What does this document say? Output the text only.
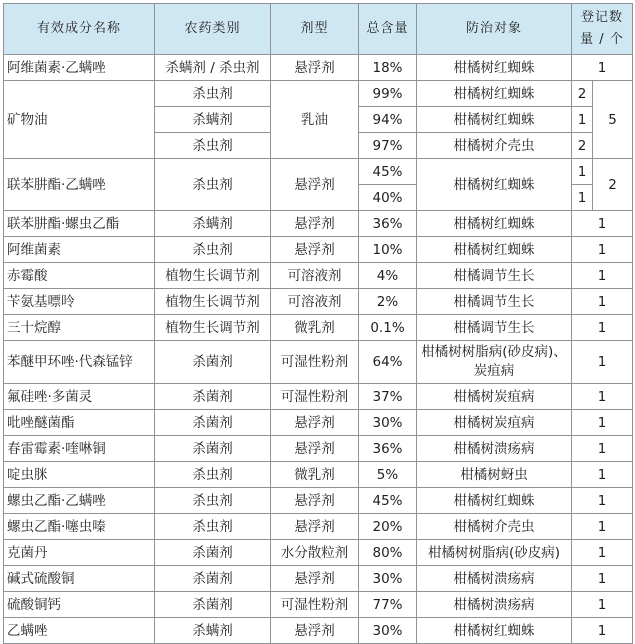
有效成分名称	农药类别	剂型	总含量	防治对象	登记数
量 / 个	
阿维菌素·乙螨唑	杀螨剂 / 杀虫剂	悬浮剂	18%	柑橘树红蜘蛛	1	
矿物油	杀虫剂	乳油	99%	柑橘树红蜘蛛	2	5
	杀螨剂		94%	柑橘树红蜘蛛	1	
	杀虫剂		97%	柑橘树介壳虫	2	
联苯肼酯·乙螨唑	杀虫剂	悬浮剂	45%	柑橘树红蜘蛛	1	2
			40%		1	
联苯肼酯·螺虫乙酯	杀螨剂	悬浮剂	36%	柑橘树红蜘蛛	1	
阿维菌素	杀虫剂	悬浮剂	10%	柑橘树红蜘蛛	1	
赤霉酸	植物生长调节剂	可溶液剂	4%	柑橘调节生长	1	
苄氨基嘌呤	植物生长调节剂	可溶液剂	2%	柑橘调节生长	1	
三十烷醇	植物生长调节剂	微乳剂	0.1%	柑橘调节生长	1	
苯醚甲环唑·代森锰锌	杀菌剂	可湿性粉剂	64%	柑橘树树脂病(砂皮病)、炭疽病	1	
氟硅唑·多菌灵	杀菌剂	可湿性粉剂	37%	柑橘树炭疽病	1	
吡唑醚菌酯	杀菌剂	悬浮剂	30%	柑橘树炭疽病	1	
春雷霉素·喹啉铜	杀菌剂	悬浮剂	36%	柑橘树溃疡病	1	
啶虫脒	杀虫剂	微乳剂	5%	柑橘树蚜虫	1	
螺虫乙酯·乙螨唑	杀虫剂	悬浮剂	45%	柑橘树红蜘蛛	1	
螺虫乙酯·噻虫嗪	杀虫剂	悬浮剂	20%	柑橘树介壳虫	1	
克菌丹	杀菌剂	水分散粒剂	80%	柑橘树树脂病(砂皮病)	1	
碱式硫酸铜	杀菌剂	悬浮剂	30%	柑橘树溃疡病	1	
硫酸铜钙	杀菌剂	可湿性粉剂	77%	柑橘树溃疡病	1	
乙螨唑	杀螨剂	悬浮剂	30%	柑橘树红蜘蛛	1	
